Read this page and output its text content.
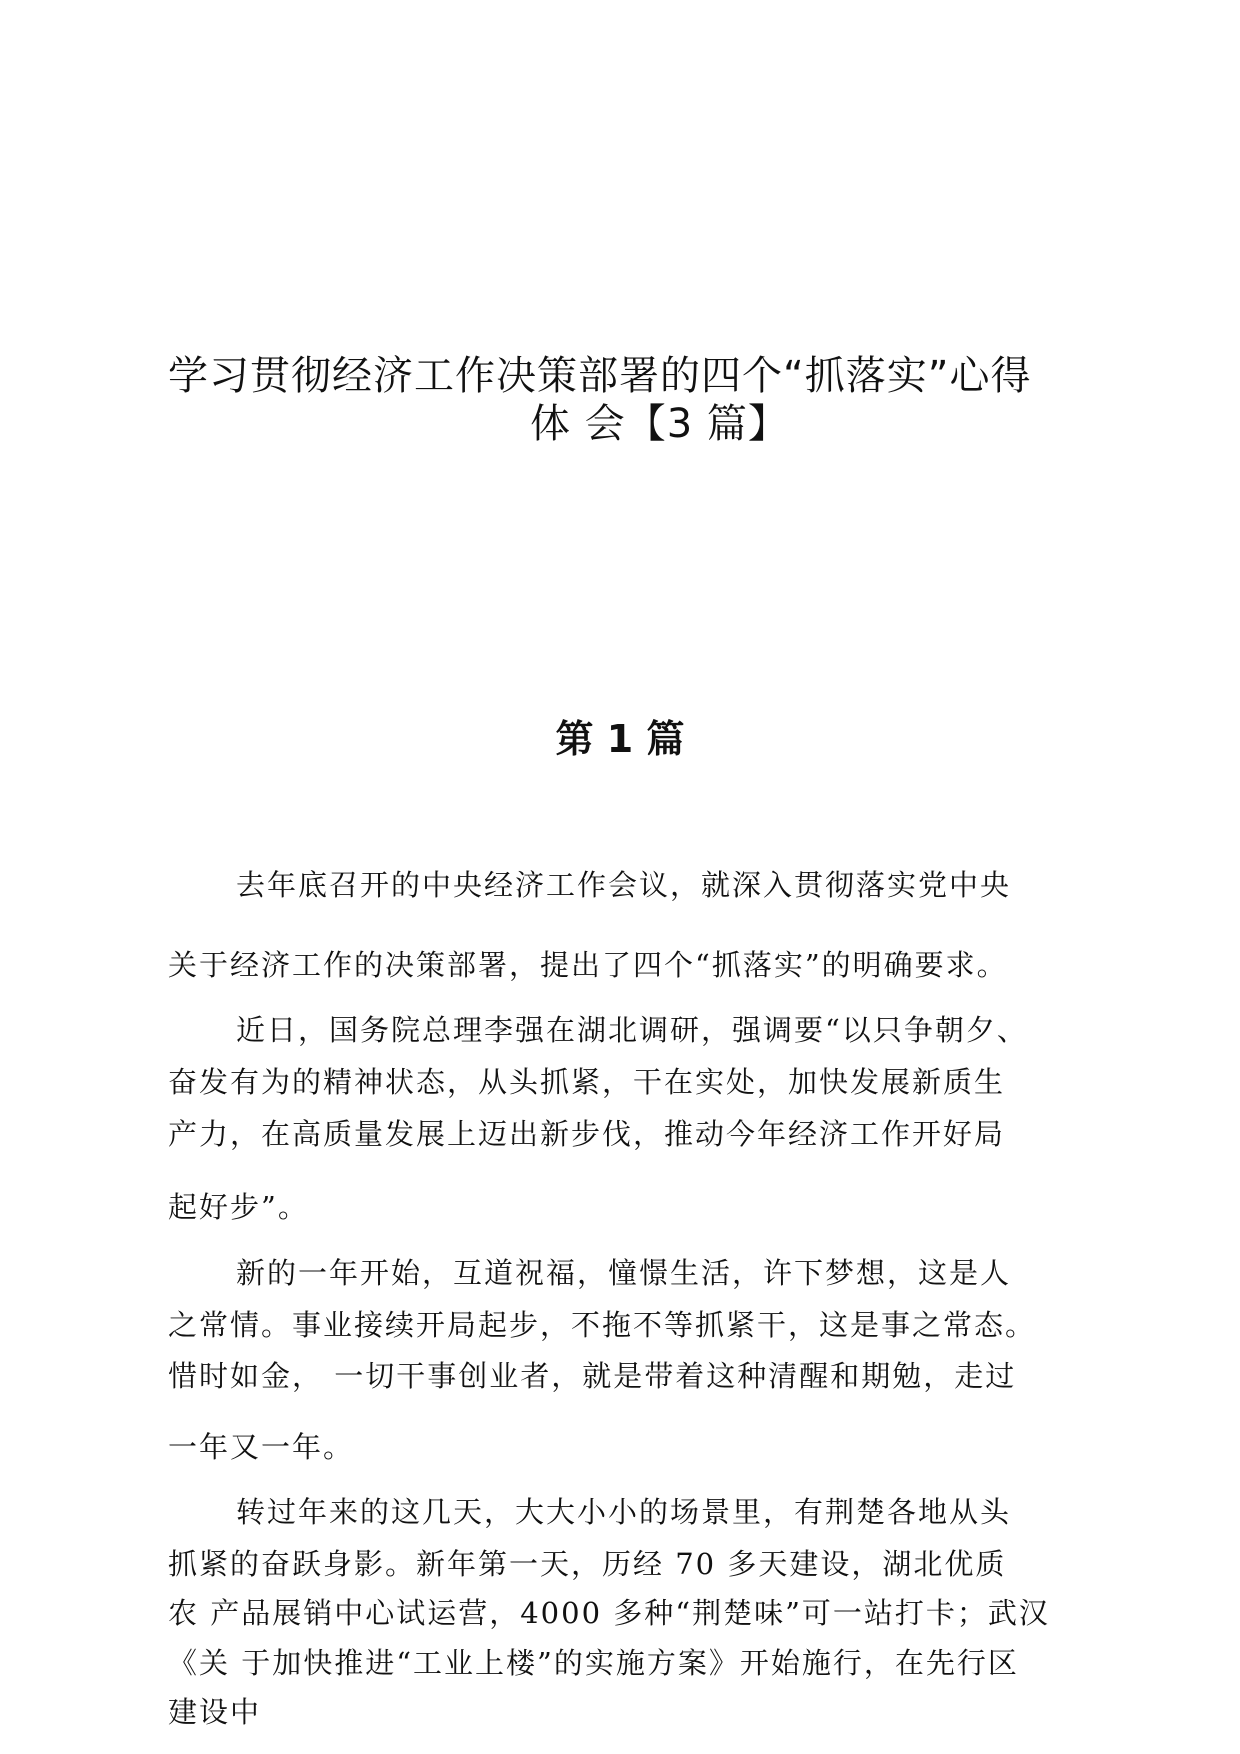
学习贯彻经济工作决策部署的四个“抓落实”心得
体 会【3 篇】
第 1 篇
去年底召开的中央经济工作会议，就深入贯彻落实党中央
关于经济工作的决策部署，提出了四个“抓落实”的明确要求。
近日，国务院总理李强在湖北调研，强调要“以只争朝夕、
奋发有为的精神状态，从头抓紧，干在实处，加快发展新质生
产力，在高质量发展上迈出新步伐，推动今年经济工作开好局
起好步”。
新的一年开始，互道祝福，憧憬生活，许下梦想，这是人
之常情。事业接续开局起步，不拖不等抓紧干，这是事之常态。
惜时如金， 一切干事创业者，就是带着这种清醒和期勉，走过
一年又一年。
转过年来的这几天，大大小小的场景里，有荆楚各地从头
抓紧的奋跃身影。新年第一天，历经 70 多天建设，湖北优质
农 产品展销中心试运营，4000 多种“荆楚味”可一站打卡；武汉
《关 于加快推进“工业上楼”的实施方案》开始施行，在先行区
建设中
